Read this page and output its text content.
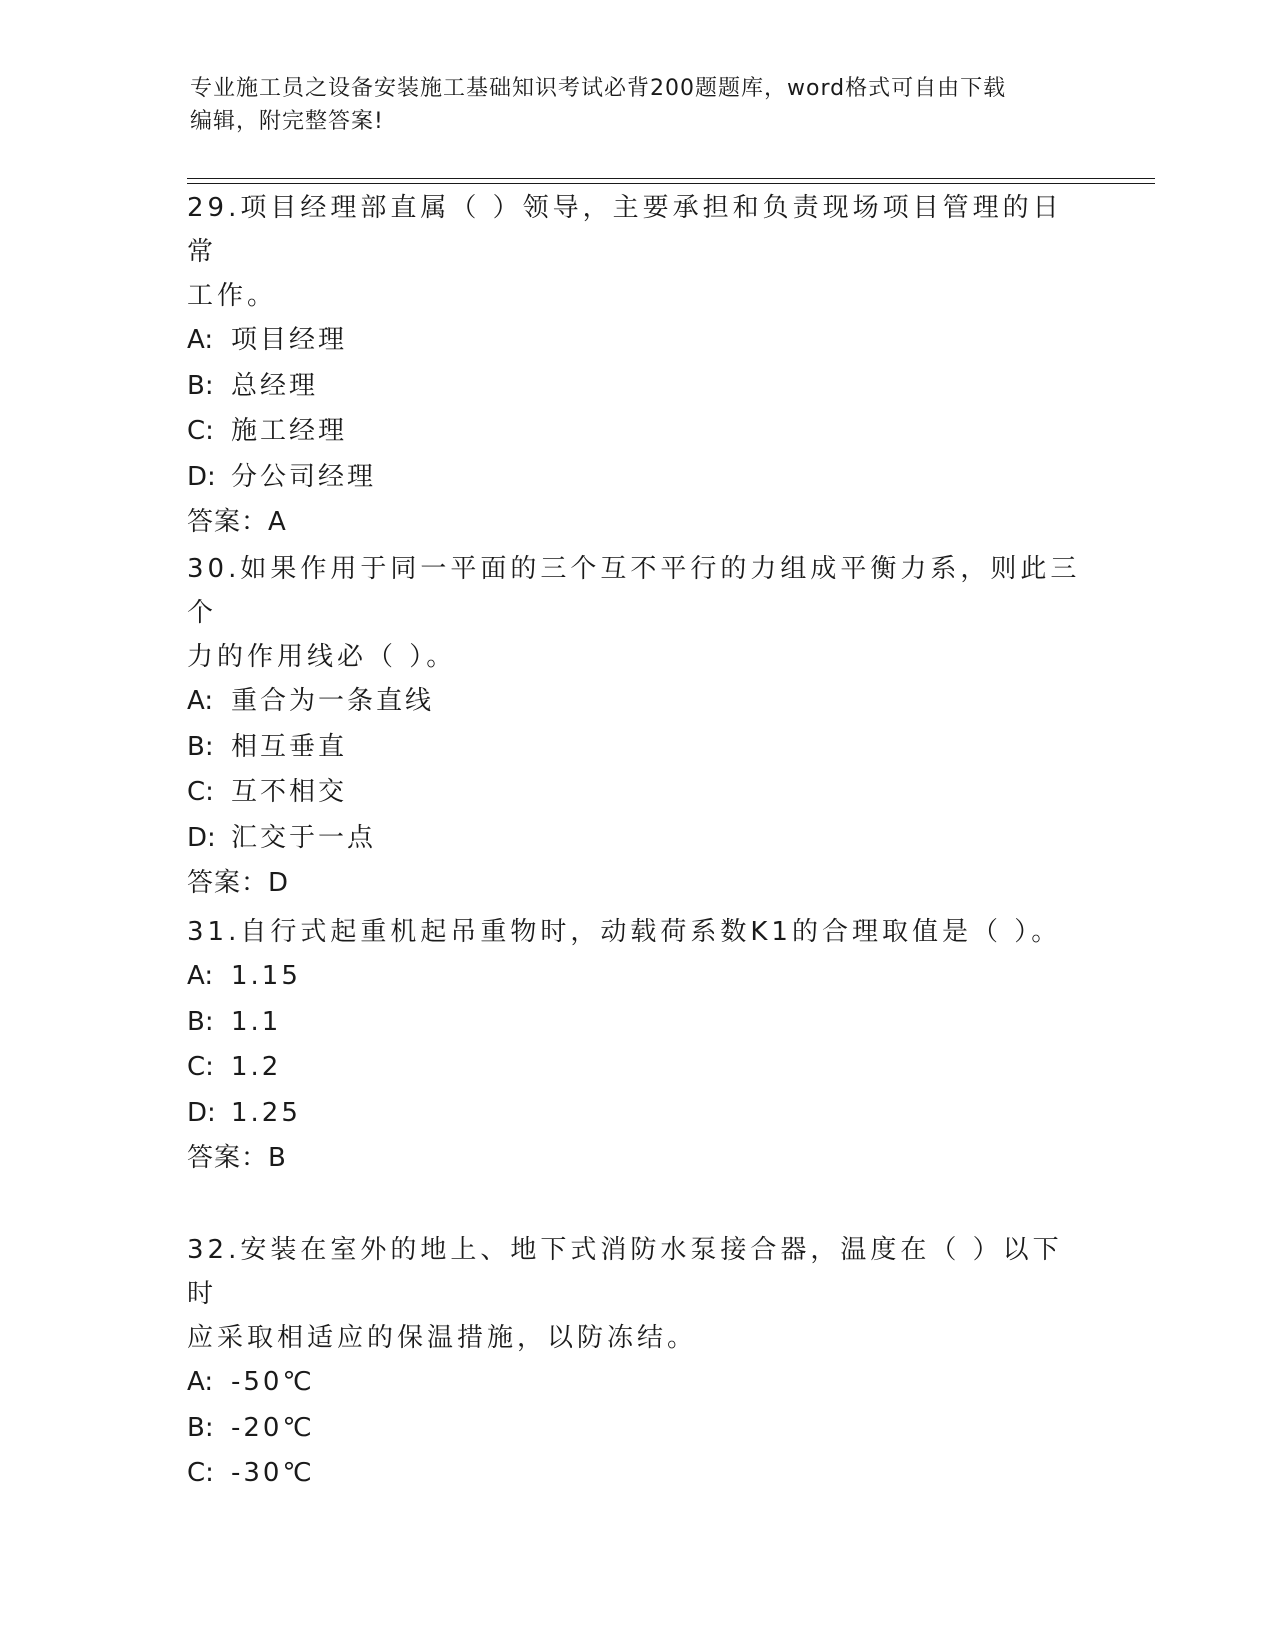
专业施工员之设备安装施工基础知识考试必背200题题库，word格式可自由下载
编辑，附完整答案!

29.项目经理部直属（ ）领导，主要承担和负责现场项目管理的日常

工作。

A: 项目经理

B: 总经理

C: 施工经理

D: 分公司经理

答案：A

30.如果作用于同一平面的三个互不平行的力组成平衡力系，则此三个

力的作用线必（ ）。

A: 重合为一条直线

B: 相互垂直

C: 互不相交

D: 汇交于一点

答案：D

31.自行式起重机起吊重物时，动载荷系数K1的合理取值是（ ）。

A: 1.15

B: 1.1

C: 1.2

D: 1.25

答案：B

32.安装在室外的地上、地下式消防水泵接合器，温度在（ ）以下时

应采取相适应的保温措施，以防冻结。

A: -50℃

B: -20℃

C: -30℃
